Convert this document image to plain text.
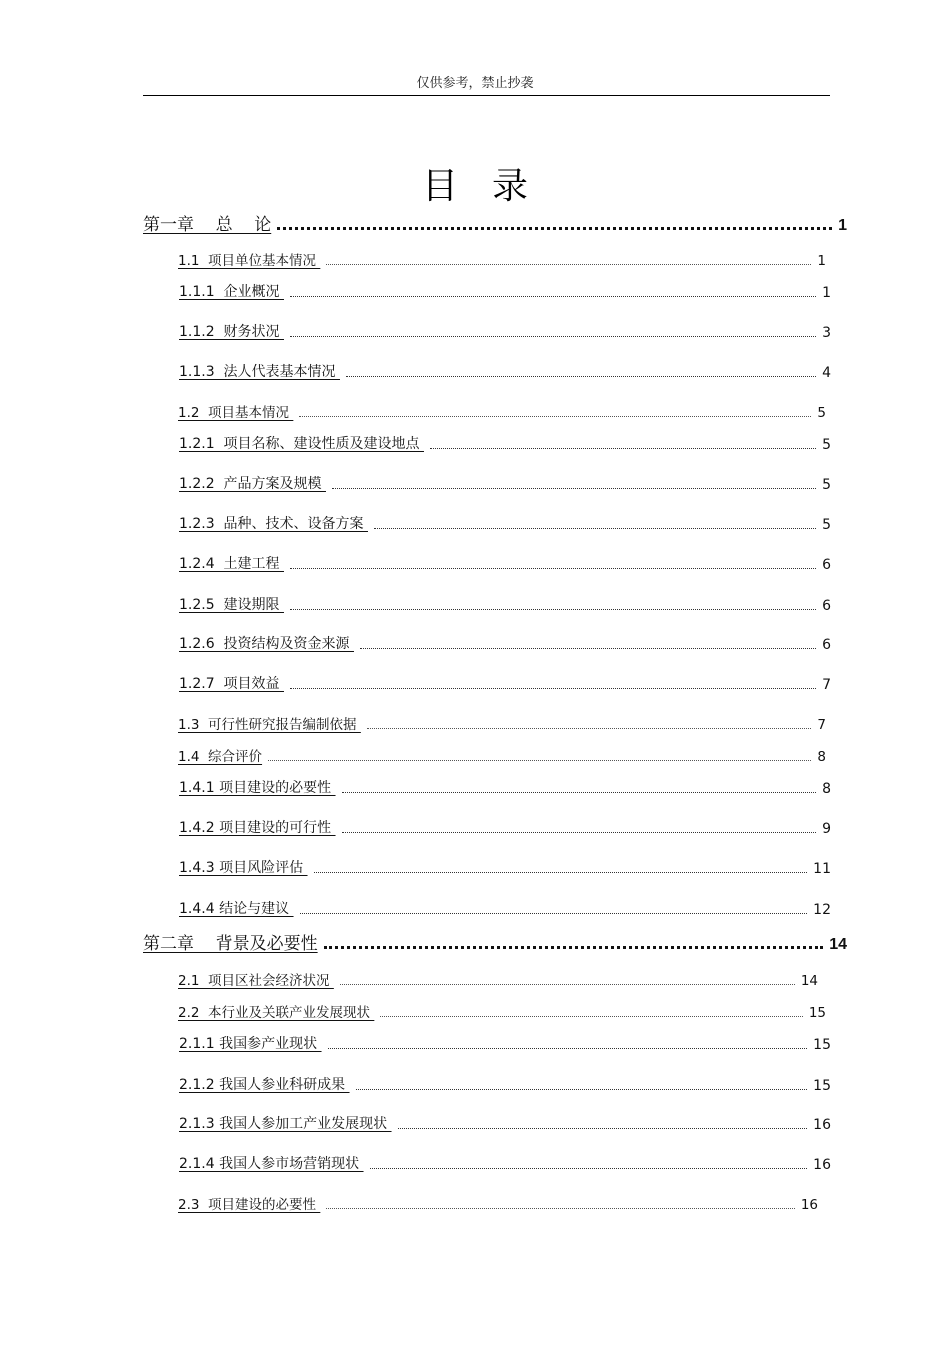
仅供参考，禁止抄袭
目录
第一章    总    论	1
1.1  项目单位基本情况	1
1.1.1  企业概况	1
1.1.2  财务状况	3
1.1.3  法人代表基本情况	4
1.2  项目基本情况	5
1.2.1  项目名称、建设性质及建设地点	5
1.2.2  产品方案及规模	5
1.2.3  品种、技术、设备方案	5
1.2.4  土建工程	6
1.2.5  建设期限	6
1.2.6  投资结构及资金来源	6
1.2.7  项目效益	7
1.3  可行性研究报告编制依据	7
1.4  综合评价	8
1.4.1 项目建设的必要性	8
1.4.2 项目建设的可行性	9
1.4.3 项目风险评估	11
1.4.4 结论与建议	12
第二章    背景及必要性	14
2.1  项目区社会经济状况	14
2.2  本行业及关联产业发展现状	15
2.1.1 我国参产业现状	15
2.1.2 我国人参业科研成果	15
2.1.3 我国人参加工产业发展现状	16
2.1.4 我国人参市场营销现状	16
2.3  项目建设的必要性	16
